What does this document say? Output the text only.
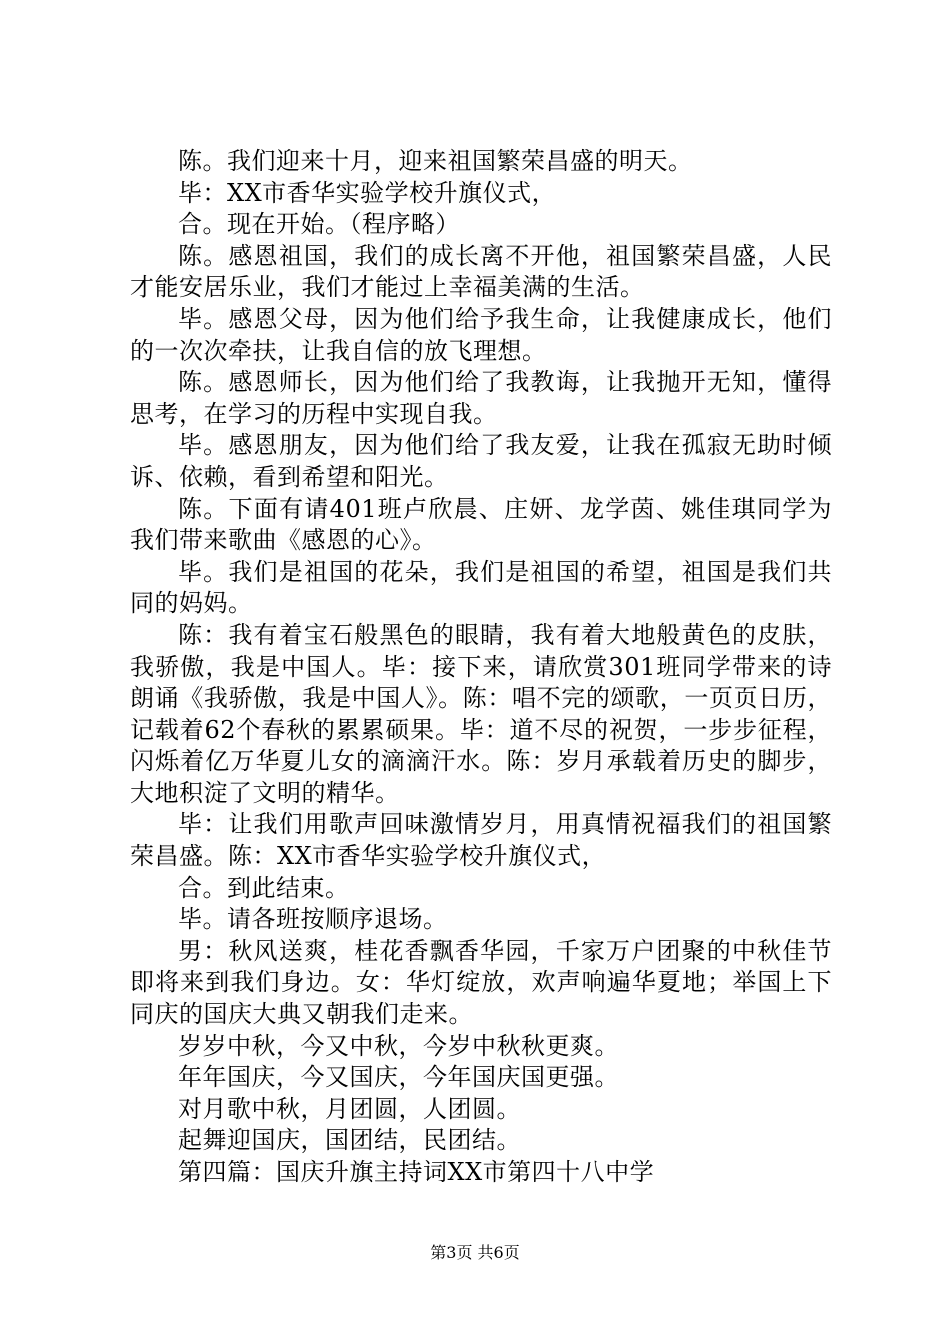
陈。我们迎来十月，迎来祖国繁荣昌盛的明天。

毕：XX市香华实验学校升旗仪式，

合。现在开始。（程序略）

陈。感恩祖国，我们的成长离不开他，祖国繁荣昌盛，人民才能安居乐业，我们才能过上幸福美满的生活。

毕。感恩父母，因为他们给予我生命，让我健康成长，他们的一次次牵扶，让我自信的放飞理想。

陈。感恩师长，因为他们给了我教诲，让我抛开无知，懂得思考，在学习的历程中实现自我。

毕。感恩朋友，因为他们给了我友爱，让我在孤寂无助时倾诉、依赖，看到希望和阳光。

陈。下面有请401班卢欣晨、庄妍、龙学茵、姚佳琪同学为我们带来歌曲《感恩的心》。

毕。我们是祖国的花朵，我们是祖国的希望，祖国是我们共同的妈妈。

陈：我有着宝石般黑色的眼睛，我有着大地般黄色的皮肤，我骄傲，我是中国人。毕：接下来，请欣赏301班同学带来的诗朗诵《我骄傲，我是中国人》。陈：唱不完的颂歌，一页页日历，记载着62个春秋的累累硕果。毕：道不尽的祝贺，一步步征程，闪烁着亿万华夏儿女的滴滴汗水。陈：岁月承载着历史的脚步，大地积淀了文明的精华。

毕：让我们用歌声回味激情岁月，用真情祝福我们的祖国繁荣昌盛。陈：XX市香华实验学校升旗仪式，

合。到此结束。

毕。请各班按顺序退场。

男：秋风送爽，桂花香飘香华园，千家万户团聚的中秋佳节即将来到我们身边。女：华灯绽放，欢声响遍华夏地；举国上下同庆的国庆大典又朝我们走来。

岁岁中秋，今又中秋，今岁中秋秋更爽。

年年国庆，今又国庆，今年国庆国更强。

对月歌中秋，月团圆，人团圆。

起舞迎国庆，国团结，民团结。

第四篇：国庆升旗主持词XX市第四十八中学

第3页 共6页
